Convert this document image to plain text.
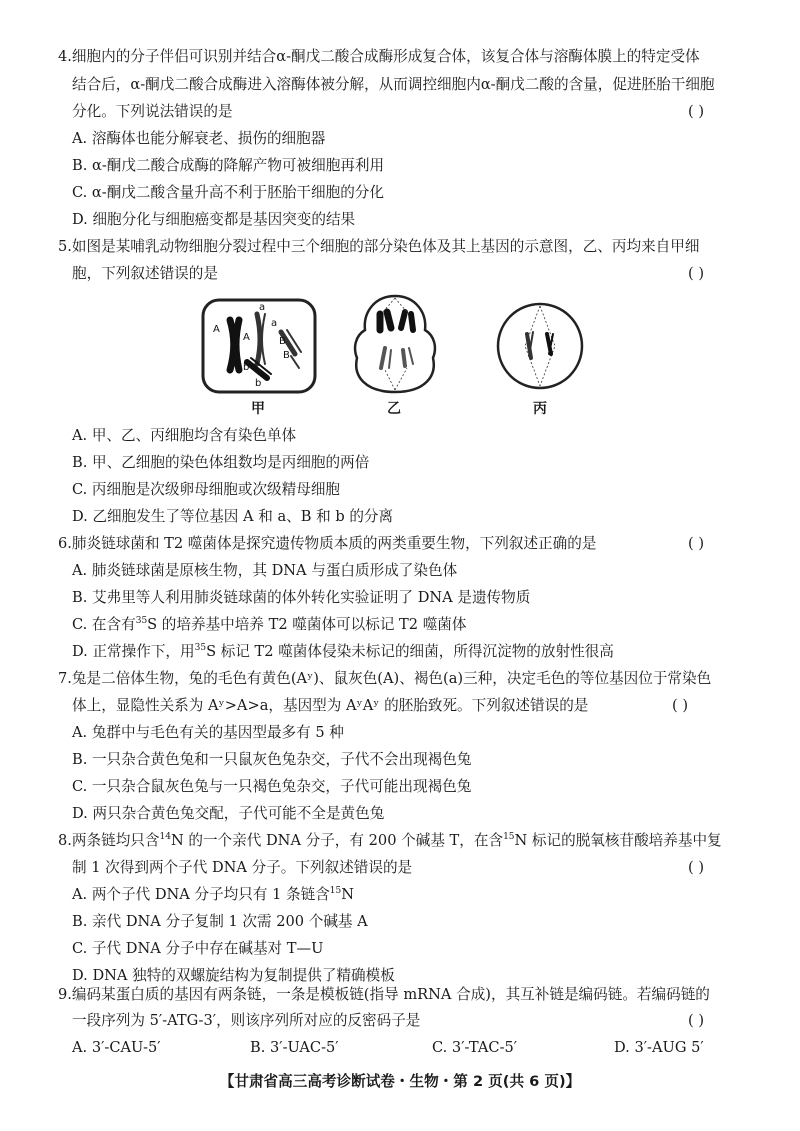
4.细胞内的分子伴侣可识别并结合α-酮戊二酸合成酶形成复合体，该复合体与溶酶体膜上的特定受体
结合后，α-酮戊二酸合成酶进入溶酶体被分解，从而调控细胞内α-酮戊二酸的含量，促进胚胎干细胞
分化。下列说法错误的是	( )
A. 溶酶体也能分解衰老、损伤的细胞器
B. α-酮戊二酸合成酶的降解产物可被细胞再利用
C. α-酮戊二酸含量升高不利于胚胎干细胞的分化
D. 细胞分化与细胞癌变都是基因突变的结果
5.如图是某哺乳动物细胞分裂过程中三个细胞的部分染色体及其上基因的示意图，乙、丙均来自甲细
胞，下列叙述错误的是	( )
A
A
a
a
B
B
b
b
甲	乙	丙
A. 甲、乙、丙细胞均含有染色单体
B. 甲、乙细胞的染色体组数均是丙细胞的两倍
C. 丙细胞是次级卵母细胞或次级精母细胞
D. 乙细胞发生了等位基因 A 和 a、B 和 b 的分离
6.肺炎链球菌和 T2 噬菌体是探究遗传物质本质的两类重要生物，下列叙述正确的是	( )
A. 肺炎链球菌是原核生物，其 DNA 与蛋白质形成了染色体
B. 艾弗里等人利用肺炎链球菌的体外转化实验证明了 DNA 是遗传物质
C. 在含有$^{35}$S 的培养基中培养 T2 噬菌体可以标记 T2 噬菌体
D. 正常操作下，用$^{35}$S 标记 T2 噬菌体侵染未标记的细菌，所得沉淀物的放射性很高
7.兔是二倍体生物，兔的毛色有黄色(Aʸ)、鼠灰色(A)、褐色(a)三种，决定毛色的等位基因位于常染色
体上，显隐性关系为 Aʸ>A>a，基因型为 AʸAʸ 的胚胎致死。下列叙述错误的是	( )
A. 兔群中与毛色有关的基因型最多有 5 种
B. 一只杂合黄色兔和一只鼠灰色兔杂交，子代不会出现褐色兔
C. 一只杂合鼠灰色兔与一只褐色兔杂交，子代可能出现褐色兔
D. 两只杂合黄色兔交配，子代可能不全是黄色兔
8.两条链均只含$^{14}$N 的一个亲代 DNA 分子，有 200 个碱基 T，在含$^{15}$N 标记的脱氧核苷酸培养基中复
制 1 次得到两个子代 DNA 分子。下列叙述错误的是	( )
A. 两个子代 DNA 分子均只有 1 条链含$^{15}$N
B. 亲代 DNA 分子复制 1 次需 200 个碱基 A
C. 子代 DNA 分子中存在碱基对 T—U
D. DNA 独特的双螺旋结构为复制提供了精确模板
9.编码某蛋白质的基因有两条链，一条是模板链(指导 mRNA 合成)，其互补链是编码链。若编码链的
一段序列为 5′-ATG-3′，则该序列所对应的反密码子是	( )
【甘肃省高三高考诊断试卷・生物・第 2 页(共 6 页)】
A. 3′-CAU-5′	B. 3′-UAC-5′	C. 3′-TAC-5′	D. 3′-AUG 5′
